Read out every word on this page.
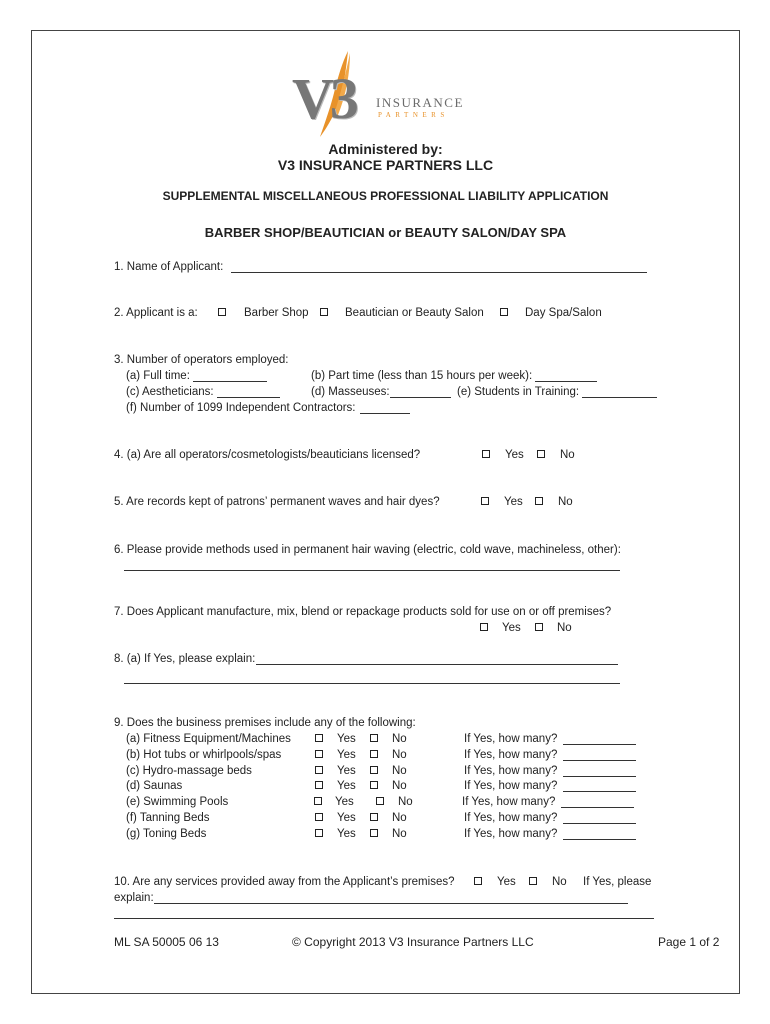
V3 INSURANCE
PARTNERS
Administered by:
V3 INSURANCE PARTNERS LLC
SUPPLEMENTAL MISCELLANEOUS PROFESSIONAL LIABILITY APPLICATION
BARBER SHOP/BEAUTICIAN or BEAUTY SALON/DAY SPA
1. Name of Applicant:
2. Applicant is a:	Barber Shop	Beautician or Beauty Salon	Day Spa/Salon
3. Number of operators employed:
(a) Full time:	(b) Part time (less than 15 hours per week):
(c) Aestheticians:	(d) Masseuses:	(e) Students in Training:
(f) Number of 1099 Independent Contractors:
4. (a) Are all operators/cosmetologists/beauticians licensed?	Yes	No
5. Are records kept of patrons’ permanent waves and hair dyes?	Yes	No
6. Please provide methods used in permanent hair waving (electric, cold wave, machineless, other):
7. Does Applicant manufacture, mix, blend or repackage products sold for use on or off premises?
Yes	No
8. (a) If Yes, please explain:
9. Does the business premises include any of the following:
(a) Fitness Equipment/Machines	Yes	No	If Yes, how many?
(b) Hot tubs or whirlpools/spas	Yes	No	If Yes, how many?
(c) Hydro-massage beds	Yes	No	If Yes, how many?
(d) Saunas	Yes	No	If Yes, how many?
(e) Swimming Pools	Yes	No	If Yes, how many?
(f) Tanning Beds	Yes	No	If Yes, how many?
(g) Toning Beds	Yes	No	If Yes, how many?
10. Are any services provided away from the Applicant’s premises?	Yes	No If Yes, please
explain:
ML SA 50005 06 13	© Copyright 2013 V3 Insurance Partners LLC	Page 1 of 2
